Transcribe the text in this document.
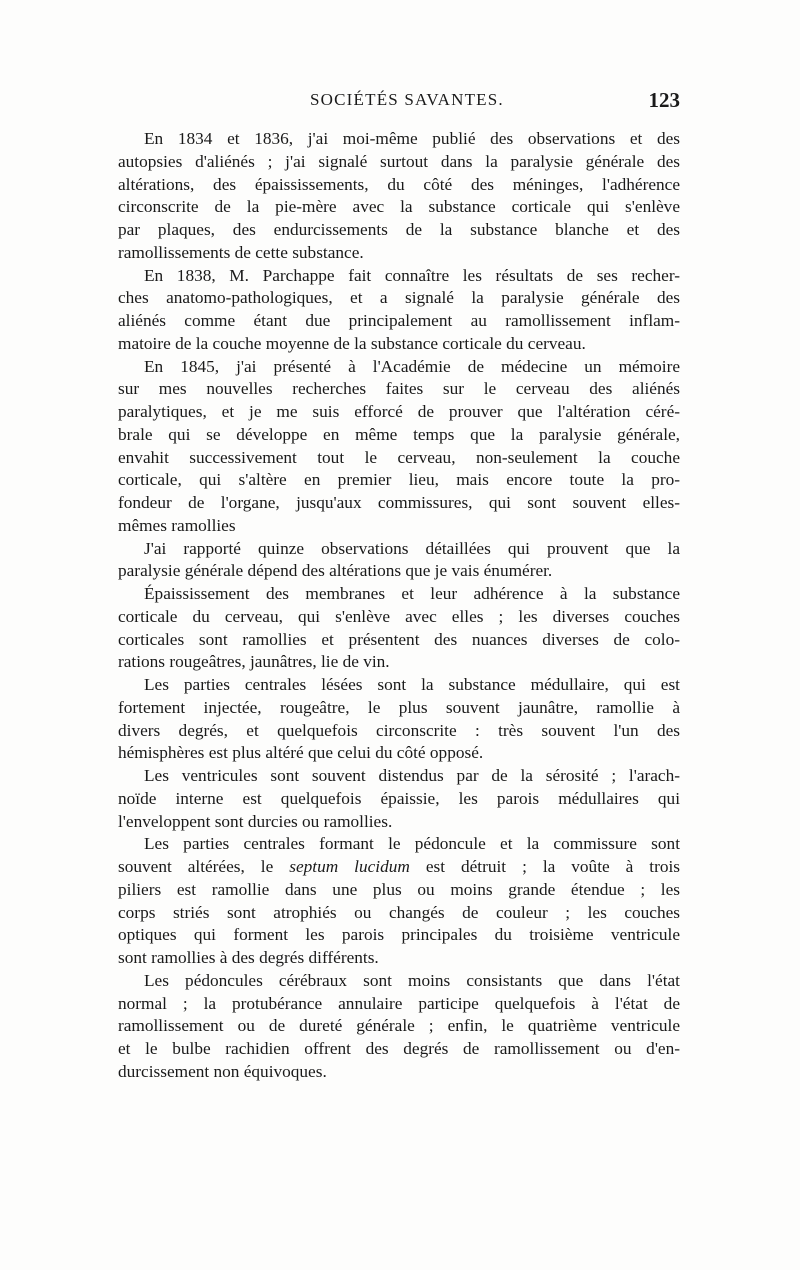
SOCIÉTÉS SAVANTES.	123

En 1834 et 1836, j'ai moi-même publié des observations et des
autopsies d'aliénés ; j'ai signalé surtout dans la paralysie générale des
altérations, des épaississements, du côté des méninges, l'adhérence
circonscrite de la pie-mère avec la substance corticale qui s'enlève
par plaques, des endurcissements de la substance blanche et des
ramollissements de cette substance.

En 1838, M. Parchappe fait connaître les résultats de ses recher-
ches anatomo-pathologiques, et a signalé la paralysie générale des
aliénés comme étant due principalement au ramollissement inflam-
matoire de la couche moyenne de la substance corticale du cerveau.

En 1845, j'ai présenté à l'Académie de médecine un mémoire
sur mes nouvelles recherches faites sur le cerveau des aliénés
paralytiques, et je me suis efforcé de prouver que l'altération céré-
brale qui se développe en même temps que la paralysie générale,
envahit successivement tout le cerveau, non-seulement la couche
corticale, qui s'altère en premier lieu, mais encore toute la pro-
fondeur de l'organe, jusqu'aux commissures, qui sont souvent elles-
mêmes ramollies

J'ai rapporté quinze observations détaillées qui prouvent que la
paralysie générale dépend des altérations que je vais énumérer.

Épaississement des membranes et leur adhérence à la substance
corticale du cerveau, qui s'enlève avec elles ; les diverses couches
corticales sont ramollies et présentent des nuances diverses de colo-
rations rougeâtres, jaunâtres, lie de vin.

Les parties centrales lésées sont la substance médullaire, qui est
fortement injectée, rougeâtre, le plus souvent jaunâtre, ramollie à
divers degrés, et quelquefois circonscrite : très souvent l'un des
hémisphères est plus altéré que celui du côté opposé.

Les ventricules sont souvent distendus par de la sérosité ; l'arach-
noïde interne est quelquefois épaissie, les parois médullaires qui
l'enveloppent sont durcies ou ramollies.

Les parties centrales formant le pédoncule et la commissure sont
souvent altérées, le septum lucidum est détruit ; la voûte à trois
piliers est ramollie dans une plus ou moins grande étendue ; les
corps striés sont atrophiés ou changés de couleur ; les couches
optiques qui forment les parois principales du troisième ventricule
sont ramollies à des degrés différents.

Les pédoncules cérébraux sont moins consistants que dans l'état
normal ; la protubérance annulaire participe quelquefois à l'état de
ramollissement ou de dureté générale ; enfin, le quatrième ventricule
et le bulbe rachidien offrent des degrés de ramollissement ou d'en-
durcissement non équivoques.
